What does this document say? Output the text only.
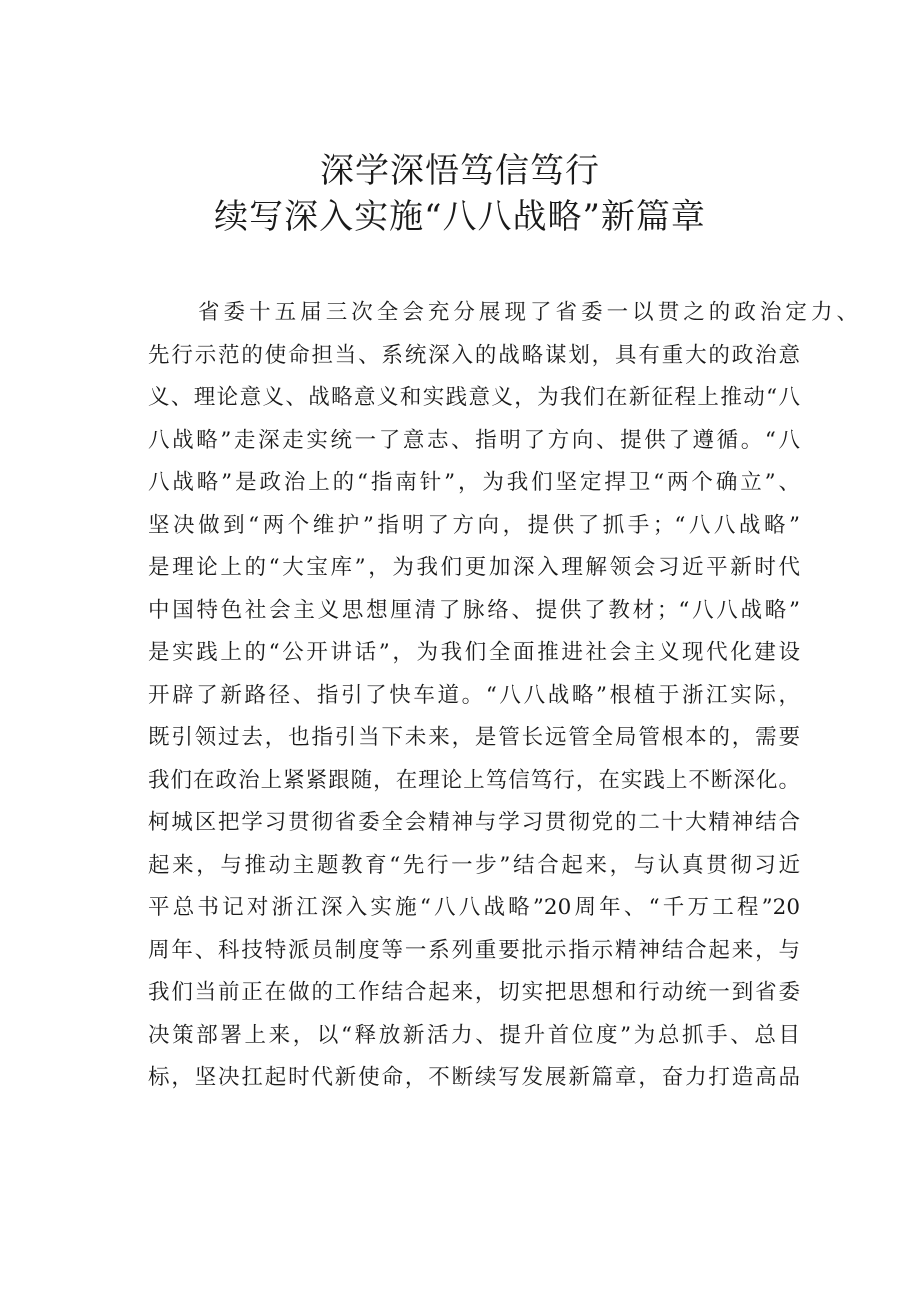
深学深悟笃信笃行
续写深入实施“八八战略”新篇章
省委十五届三次全会充分展现了省委一以贯之的政治定力、
先行示范的使命担当、系统深入的战略谋划，具有重大的政治意
义、理论意义、战略意义和实践意义，为我们在新征程上推动“八
八战略”走深走实统一了意志、指明了方向、提供了遵循。“八
八战略”是政治上的“指南针”，为我们坚定捍卫“两个确立”、
坚决做到“两个维护”指明了方向，提供了抓手；“八八战略”
是理论上的“大宝库”，为我们更加深入理解领会习近平新时代
中国特色社会主义思想厘清了脉络、提供了教材；“八八战略”
是实践上的“公开讲话”，为我们全面推进社会主义现代化建设
开辟了新路径、指引了快车道。“八八战略”根植于浙江实际，
既引领过去，也指引当下未来，是管长远管全局管根本的，需要
我们在政治上紧紧跟随，在理论上笃信笃行，在实践上不断深化。
柯城区把学习贯彻省委全会精神与学习贯彻党的二十大精神结合
起来，与推动主题教育“先行一步”结合起来，与认真贯彻习近
平总书记对浙江深入实施“八八战略”20周年、“千万工程”20
周年、科技特派员制度等一系列重要批示指示精神结合起来，与
我们当前正在做的工作结合起来，切实把思想和行动统一到省委
决策部署上来，以“释放新活力、提升首位度”为总抓手、总目
标，坚决扛起时代新使命，不断续写发展新篇章，奋力打造高品
